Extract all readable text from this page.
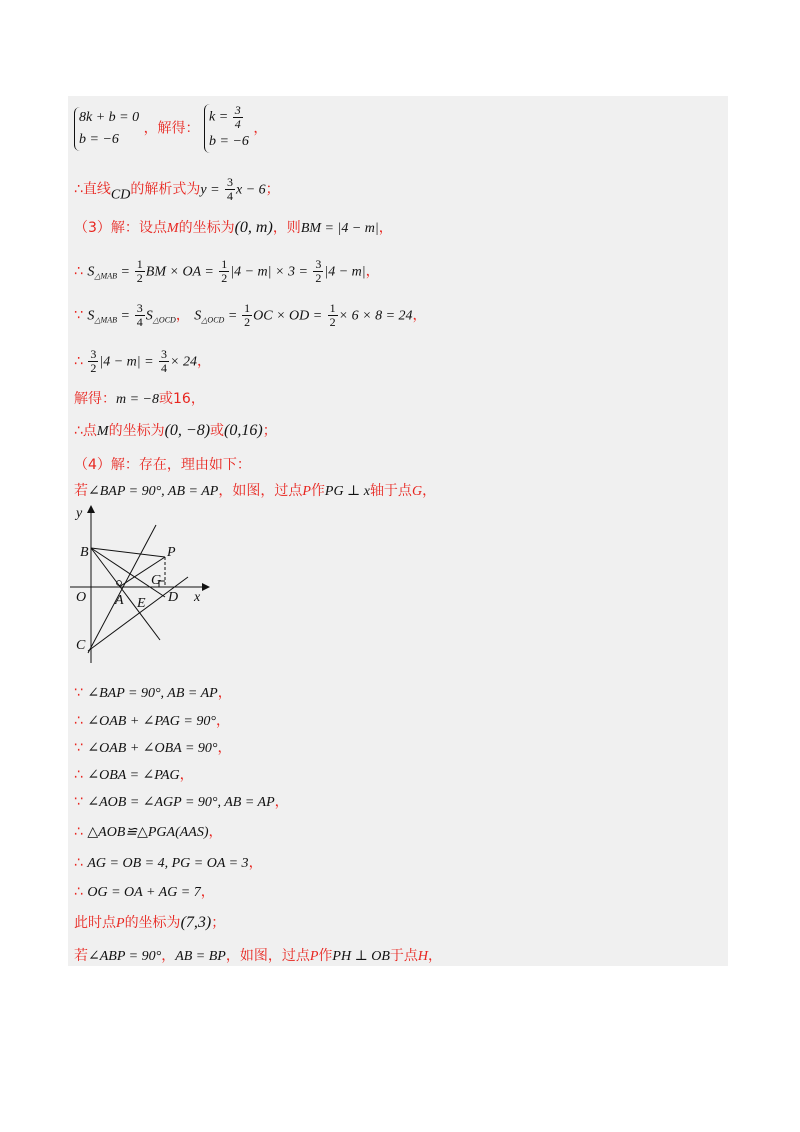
8k + b = 0
b = −6
，解得：
$k = \frac{3}{4}$
b = −6
，
∴直线CD的解析式为$y = \frac{3}{4}$ x − 6；
（3）解：设点M的坐标为(0, m)，则BM = |4 − m|，
∴ $S_{\triangle MAB} = \frac{1}{2}$ BM × OA = $\frac{1}{2} |4 - m| \times 3 = \frac{3}{2} |4 - m|$，
∵ $S_{\triangle MAB} = \frac{3}{4} S_{\triangle OCD}$， $S_{\triangle OCD} = \frac{1}{2}$ OC × OD = $\frac{1}{2} \times 6 \times 8 = 24$，
∴ $\frac{3}{2} |4 - m| = \frac{3}{4} \times 24$，
解得：m = −8或16，
∴点M的坐标为(0, −8)或(0,16)；
（4）解：存在，理由如下：
若∠BAP = 90°, AB = AP，如图，过点P作PG ⊥ x轴于点G，
y
B	P
G
O A E D x
C
∵ ∠BAP = 90°, AB = AP，
∴ ∠OAB + ∠PAG = 90°，
∵ ∠OAB + ∠OBA = 90°，
∴ ∠OBA = ∠PAG，
∵ ∠AOB = ∠AGP = 90°, AB = AP，
∴ △AOB≌△PGA(AAS)，
∴ AG = OB = 4, PG = OA = 3，
∴ OG = OA + AG = 7，
此时点P的坐标为(7,3)；
若∠ABP = 90°，AB = BP，如图，过点P作PH ⊥ OB于点H，
